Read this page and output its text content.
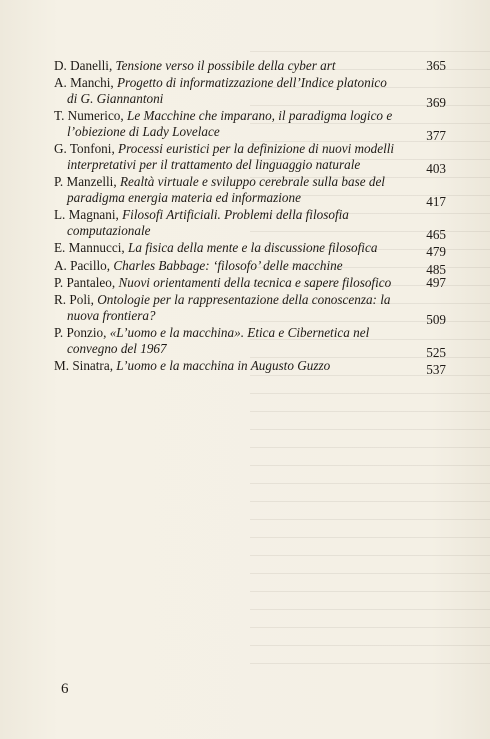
D. Danelli, Tensione verso il possibile della cyber art	365
A. Manchi, Progetto di informatizzazione dell’Indice platonico di G. Giannantoni	369
T. Numerico, Le Macchine che imparano, il paradigma logico e l’obiezione di Lady Lovelace	377
G. Tonfoni, Processi euristici per la definizione di nuovi modelli interpretativi per il trattamento del linguaggio naturale	403
P. Manzelli, Realtà virtuale e sviluppo cerebrale sulla base del paradigma energia materia ed informazione	417
L. Magnani, Filosofi Artificiali. Problemi della filosofia computazionale	465
E. Mannucci, La fisica della mente e la discussione filosofica	479
A. Pacillo, Charles Babbage: ‘filosofo’ delle macchine	485
P. Pantaleo, Nuovi orientamenti della tecnica e sapere filosofico	497
R. Poli, Ontologie per la rappresentazione della conoscenza: la nuova frontiera?	509
P. Ponzio, «L’uomo e la macchina». Etica e Cibernetica nel convegno del 1967	525
M. Sinatra, L’uomo e la macchina in Augusto Guzzo	537
6
